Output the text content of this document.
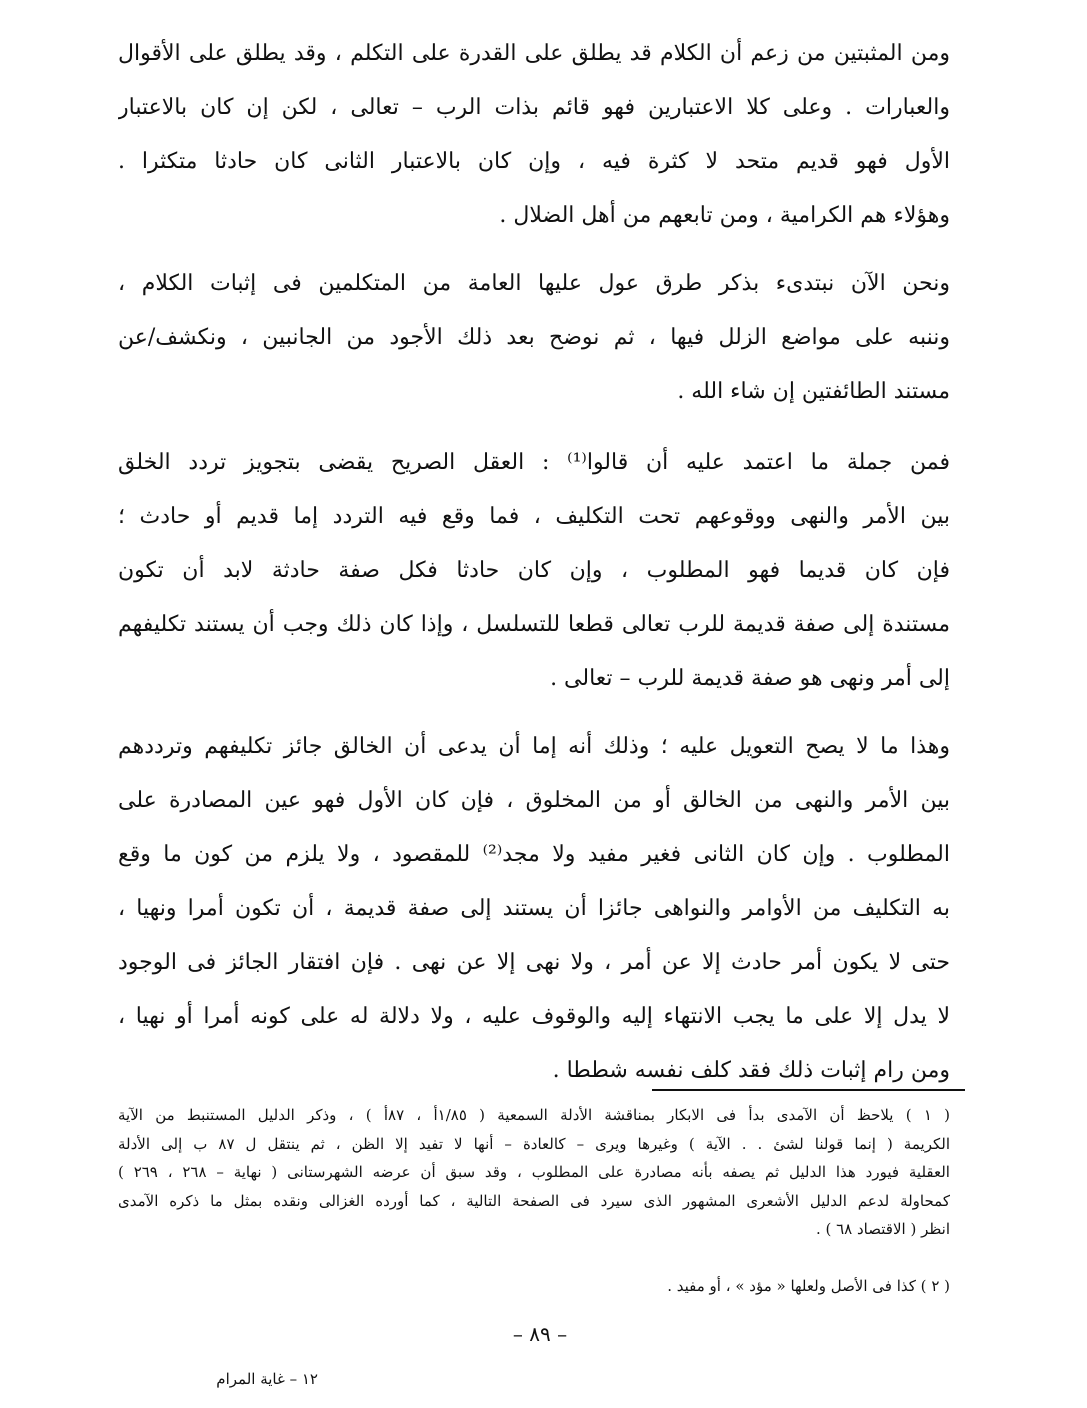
ومن المثبتين من زعم أن الكلام قد يطلق على القدرة على التكلم ، وقد يطلق على الأقوال
والعبارات . وعلى كلا الاعتبارين فهو قائم بذات الرب – تعالى ، لكن إن كان بالاعتبار
الأول فهو قديم متحد لا كثرة فيه ، وإن كان بالاعتبار الثانى كان حادثا متكثرا .
وهؤلاء هم الكرامية ، ومن تابعهم من أهل الضلال .
ونحن الآن نبتدىء بذكر طرق عول عليها العامة من المتكلمين فى إثبات الكلام ،
وننبه على مواضع الزلل فيها ، ثم نوضح بعد ذلك الأجود من الجانبين ، ونكشف/عن
مستند الطائفتين إن شاء الله .
فمن جملة ما اعتمد عليه أن قالوا⁽¹⁾ : العقل الصريح يقضى بتجويز تردد الخلق
بين الأمر والنهى ووقوعهم تحت التكليف ، فما وقع فيه التردد إما قديم أو حادث ؛
فإن كان قديما فهو المطلوب ، وإن كان حادثا فكل صفة حادثة لابد أن تكون
مستندة إلى صفة قديمة للرب تعالى قطعا للتسلسل ، وإذا كان ذلك وجب أن يستند تكليفهم
إلى أمر ونهى هو صفة قديمة للرب – تعالى .
وهذا ما لا يصح التعويل عليه ؛ وذلك أنه إما أن يدعى أن الخالق جائز تكليفهم وترددهم
بين الأمر والنهى من الخالق أو من المخلوق ، فإن كان الأول فهو عين المصادرة على
المطلوب . وإن كان الثانى فغير مفيد ولا مجد⁽²⁾ للمقصود ، ولا يلزم من كون ما وقع
به التكليف من الأوامر والنواهى جائزا أن يستند إلى صفة قديمة ، أن تكون أمرا ونهيا ،
حتى لا يكون أمر حادث إلا عن أمر ، ولا نهى إلا عن نهى . فإن افتقار الجائز فى الوجود
لا يدل إلا على ما يجب الانتهاء إليه والوقوف عليه ، ولا دلالة له على كونه أمرا أو نهيا ،
ومن رام إثبات ذلك فقد كلف نفسه شططا .
( ١ ) يلاحظ أن الآمدى بدأ فى الابكار بمناقشة الأدلة السمعية ( ١/٨٥أ ، ٨٧أ ) ، وذكر الدليل المستنبط من الآية
الكريمة ( إنما قولنا لشئ . . الآية ) وغيرها ويرى – كالعادة – أنها لا تفيد إلا الظن ، ثم ينتقل ل ٨٧ ب إلى الأدلة
العقلية فيورد هذا الدليل ثم يصفه بأنه مصادرة على المطلوب ، وقد سبق أن عرضه الشهرستانى ( نهاية – ٢٦٨ ، ٢٦٩ )
كمحاولة لدعم الدليل الأشعرى المشهور الذى سيرد فى الصفحة التالية ، كما أورده الغزالى ونقده بمثل ما ذكره الآمدى
انظر ( الاقتصاد ٦٨ ) .
( ٢ ) كذا فى الأصل ولعلها « مؤد » ، أو مفيد .
– ٨٩ –
١٢ – غاية المرام
